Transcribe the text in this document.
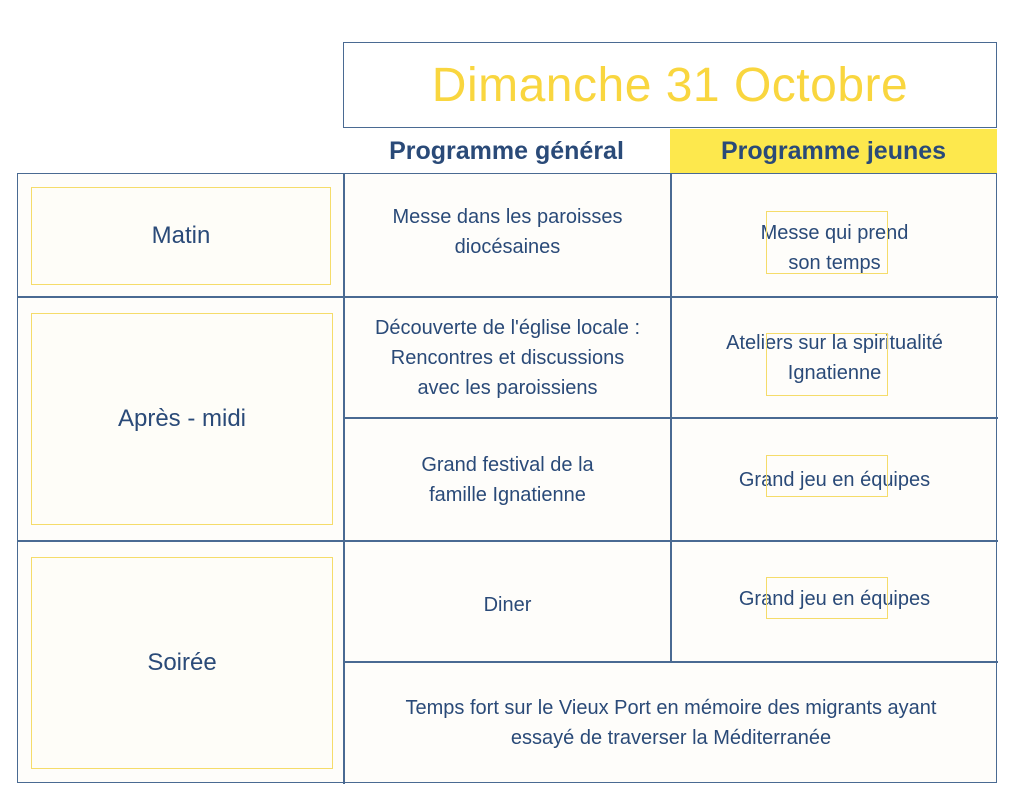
Dimanche 31 Octobre
Programme général	Programme jeunes
Matin
Après - midi
Soirée
Messe dans les paroisses
diocésaines
Messe qui prend
son temps
Découverte de l'église locale :
Rencontres et discussions
avec les paroissiens
Ateliers sur la spiritualité
Ignatienne
Grand festival de la
famille Ignatienne
Grand jeu en équipes
Diner	Grand jeu en équipes
Temps fort sur le Vieux Port en mémoire des migrants ayant
essayé de traverser la Méditerranée
